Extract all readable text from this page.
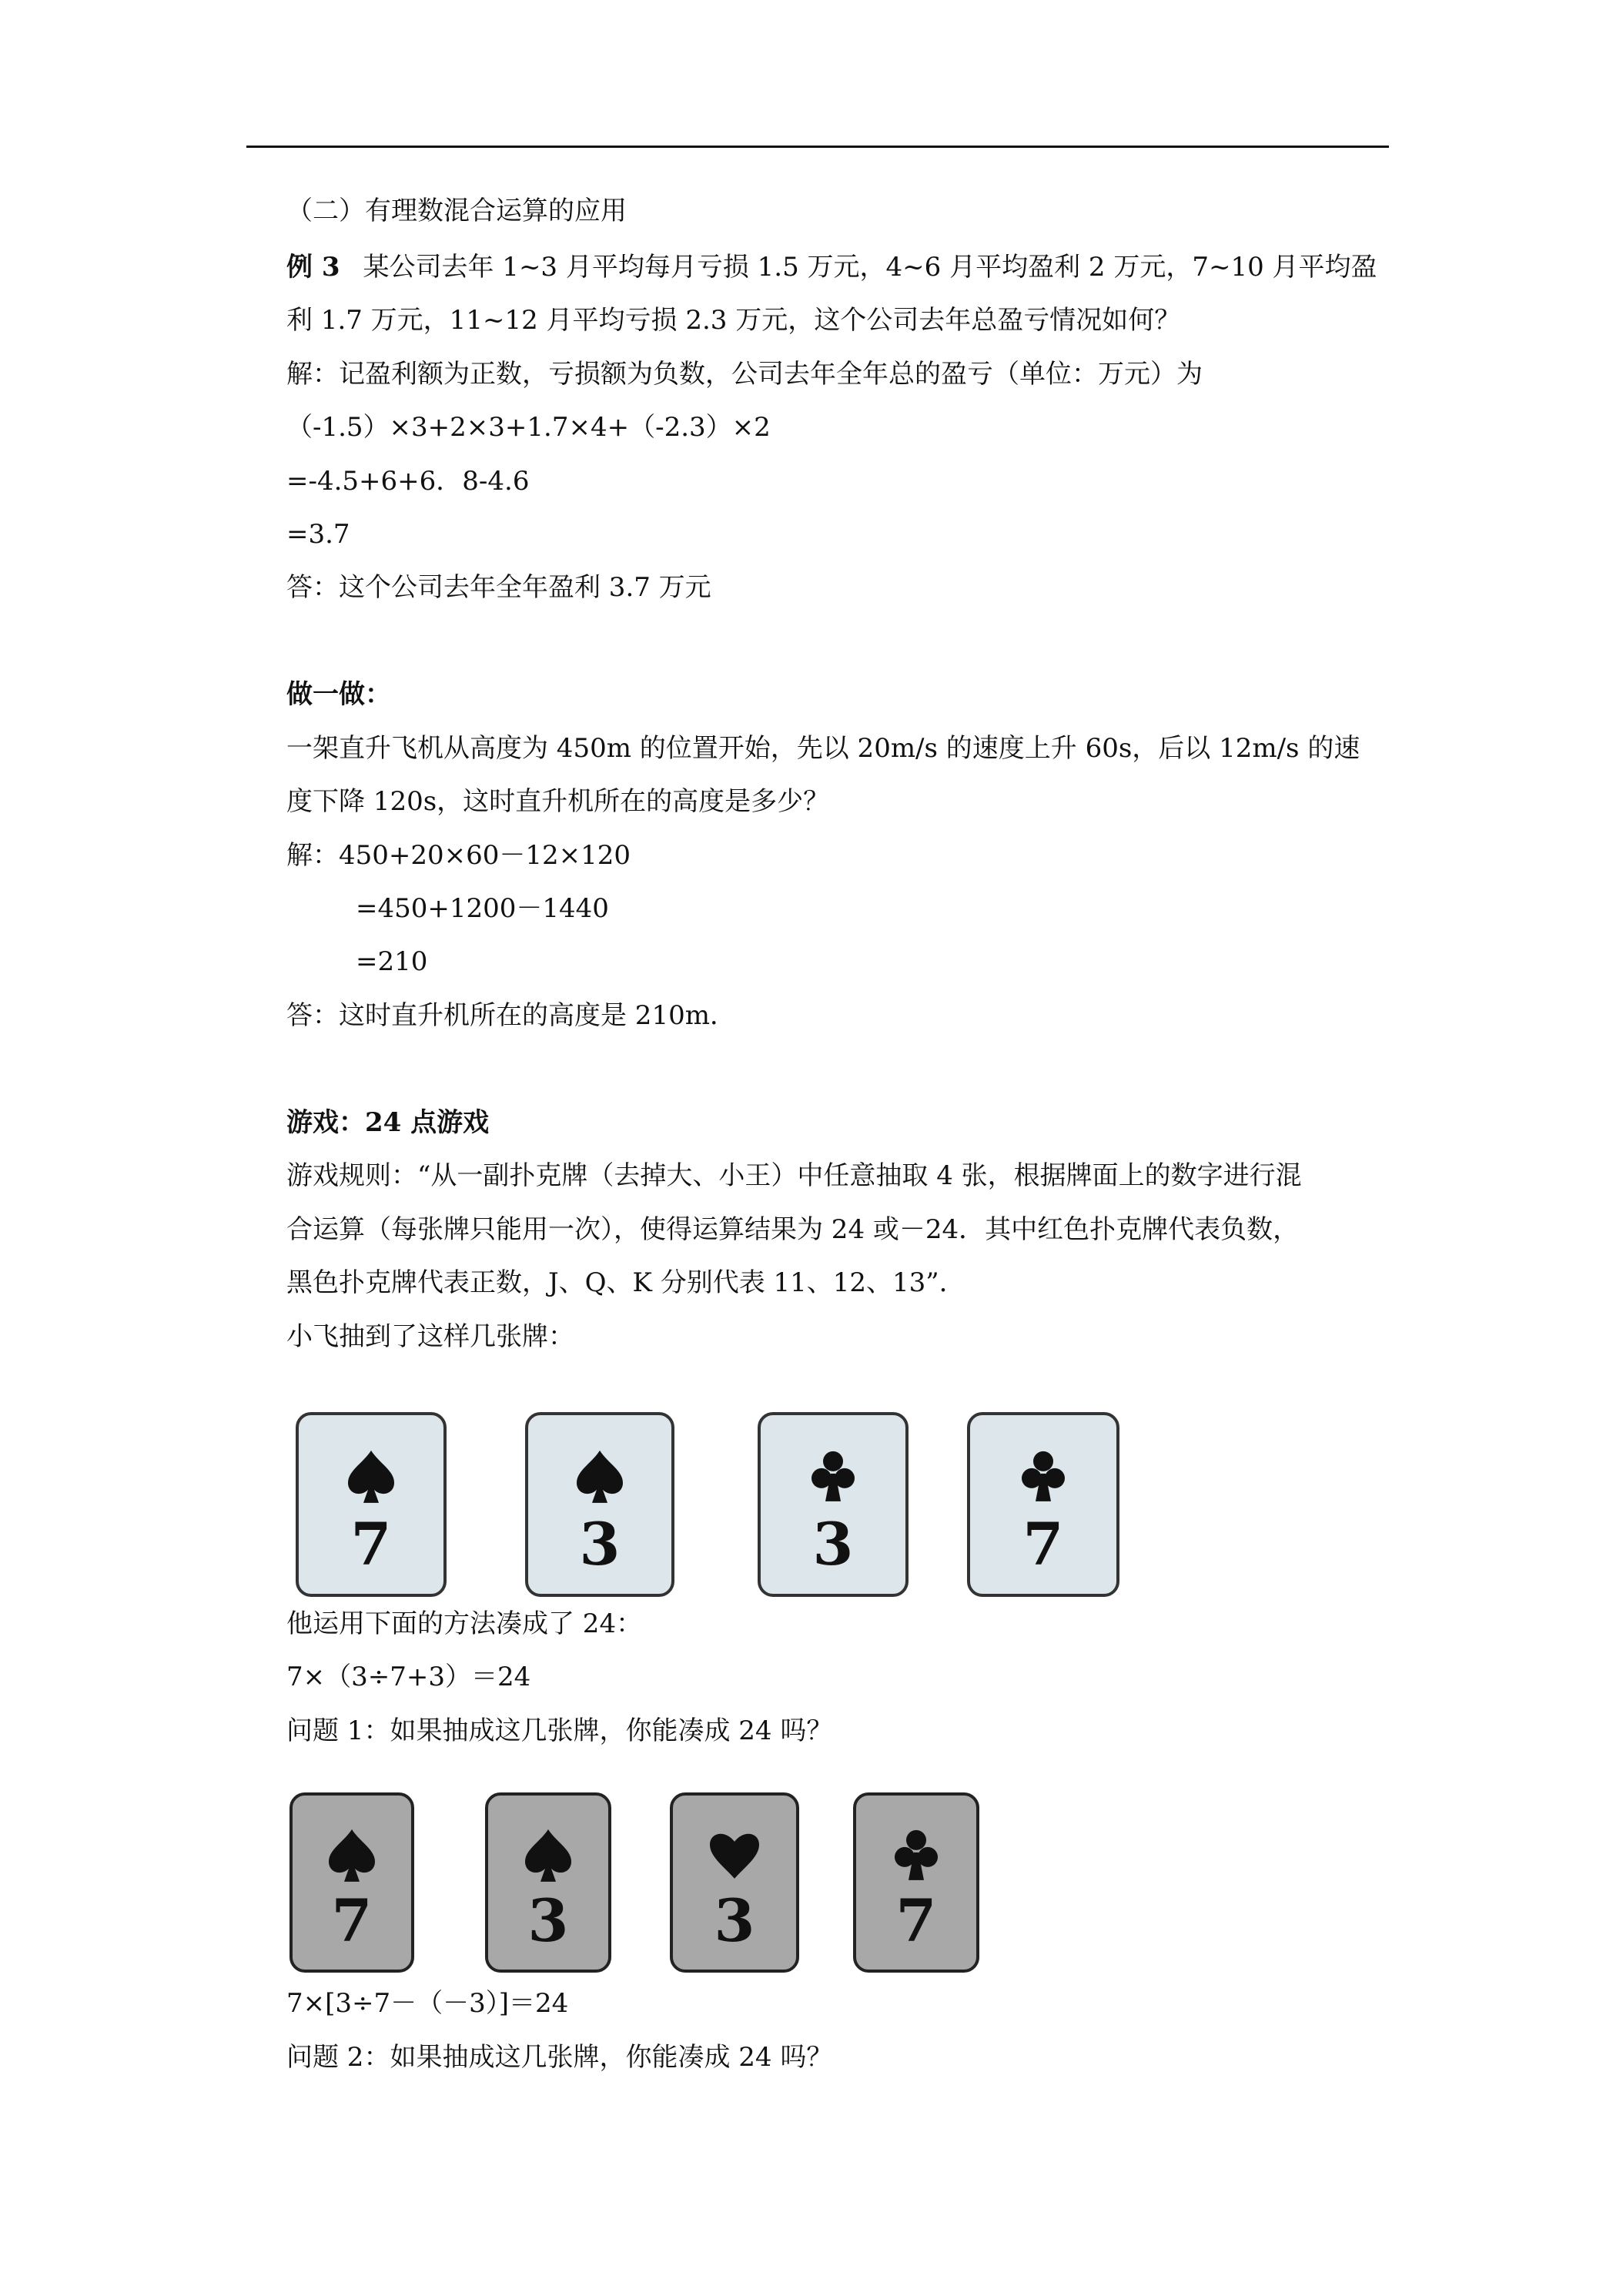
（二）有理数混合运算的应用
例 3 某公司去年 1~3 月平均每月亏损 1.5 万元，4~6 月平均盈利 2 万元，7~10 月平均盈
利 1.7 万元，11~12 月平均亏损 2.3 万元，这个公司去年总盈亏情况如何？
解：记盈利额为正数，亏损额为负数，公司去年全年总的盈亏（单位：万元）为
（-1.5）×3+2×3+1.7×4+（-2.3）×2
=-4.5+6+6．8-4.6
=3.7
答：这个公司去年全年盈利 3.7 万元
做一做：
一架直升飞机从高度为 450m 的位置开始，先以 20m/s 的速度上升 60s，后以 12m/s 的速
度下降 120s，这时直升机所在的高度是多少？
解：450+20×60－12×120
=450+1200－1440
=210
答：这时直升机所在的高度是 210m．
游戏：24 点游戏
游戏规则：“从一副扑克牌（去掉大、小王）中任意抽取 4 张，根据牌面上的数字进行混
合运算（每张牌只能用一次），使得运算结果为 24 或－24．其中红色扑克牌代表负数，
黑色扑克牌代表正数，J、Q、K 分别代表 11、12、13”．
小飞抽到了这样几张牌：
他运用下面的方法凑成了 24：
7×（3÷7+3）＝24
问题 1：如果抽成这几张牌，你能凑成 24 吗？
7×[3÷7－（－3）]＝24
问题 2：如果抽成这几张牌，你能凑成 24 吗？
7	3	3	7
7	3 3 7
